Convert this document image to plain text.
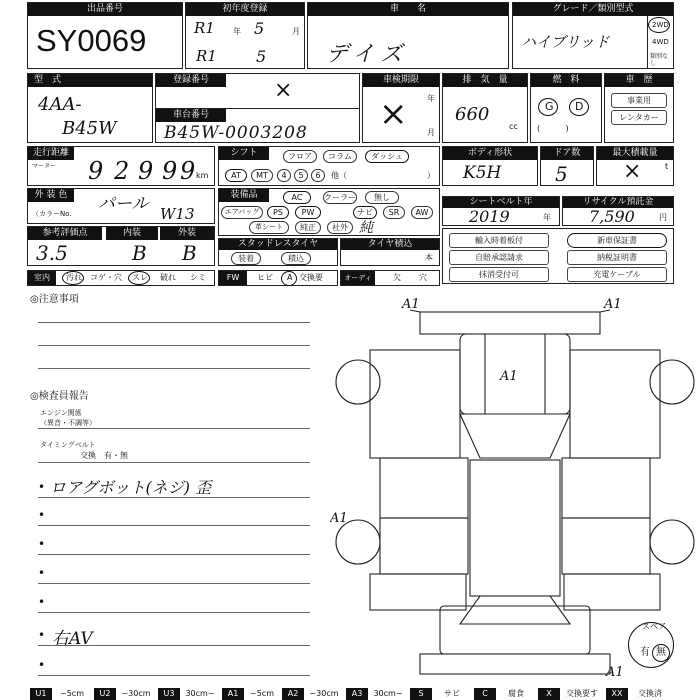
出品番号
SY0069
初年度登録
R1 年 5	月
R1 5
車　　名
デイズ
グレード／類別型式
ハイブリッド
2WD
4WD
類別なし
型　式
4AA-
B45W
登録番号	×
車台番号
B45W-0003208
車検期限
年
月
×
排　気　量
660
cc
燃　料
G D
(          )
車　歴
事業用
レンタカー
走行距離
マーター 9 2 9 9 9 km
シフト	フロア	コラム	ダッシュ
AT	MT	4	5	6	他（	）
ボディ形状
K5H
ドア数
5
最大積載量
×	t
外 装 色
（カラーNo. パール W13
装備品	AC	クーラー	無し
エアバッグ	PS	PW	ナビ	SR	AW
革シート	純正	社外 純
シートベルト年
2019	年
リサイクル預託金
7,590	円
参考評価点
3.5
内装
B
外装
B	スタッドレスタイヤ
装着	積込
タイヤ積込
本
輸入時着板付	新車保証書
自賠承認請求	納税証明書
抹消受付可	充電ケーブル
室内	汚れ コゲ・穴 スレ 破れ シミ	FW	ヒビ A 交換要	オーディオ
欠 穴
◎注意事項
◎検査員報告
エンジン関係
（異音・不調等）
タイミングベルト
交換　有・無
• ロアグボット(ネジ) 歪
•
•
•
•
• 右AV
•
A1	A1
A1
A1
A1
スペア
有 無
U1	~5cm	U2	~30cm	U3	30cm~	A1	~5cm	A2	~30cm	A3	30cm~	S	サビ	C	腐食	X	交換要す	XX	交換済
